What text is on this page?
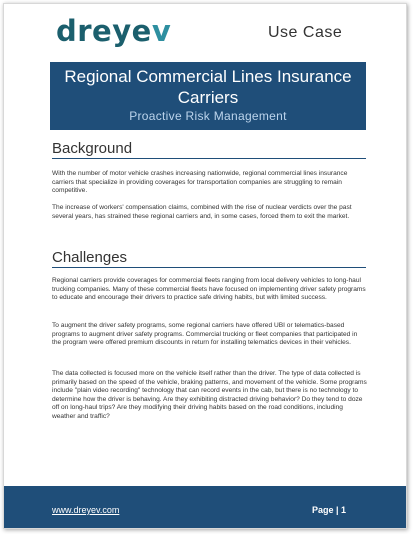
dreyev	Use Case
Regional Commercial Lines Insurance Carriers
Proactive Risk Management
Background

With the number of motor vehicle crashes increasing nationwide, regional commercial lines insurance carriers that specialize in providing coverages for transportation companies are struggling to remain competitive.

The increase of workers' compensation claims, combined with the rise of nuclear verdicts over the past several years, has strained these regional carriers and, in some cases, forced them to exit the market.

Challenges

Regional carriers provide coverages for commercial fleets ranging from local delivery vehicles to long-haul trucking companies. Many of these commercial fleets have focused on implementing driver safety programs to educate and encourage their drivers to practice safe driving habits, but with limited success.

To augment the driver safety programs, some regional carriers have offered UBI or telematics-based programs to augment driver safety programs. Commercial trucking or fleet companies that participated in the program were offered premium discounts in return for installing telematics devices in their vehicles.

The data collected is focused more on the vehicle itself rather than the driver. The type of data collected is primarily based on the speed of the vehicle, braking patterns, and movement of the vehicle. Some programs include "plain video recording" technology that can record events in the cab, but there is no technology to determine how the driver is behaving. Are they exhibiting distracted driving behavior? Do they tend to doze off on long-haul trips? Are they modifying their driving habits based on the road conditions, including weather and traffic?

www.dreyev.com	Page | 1
